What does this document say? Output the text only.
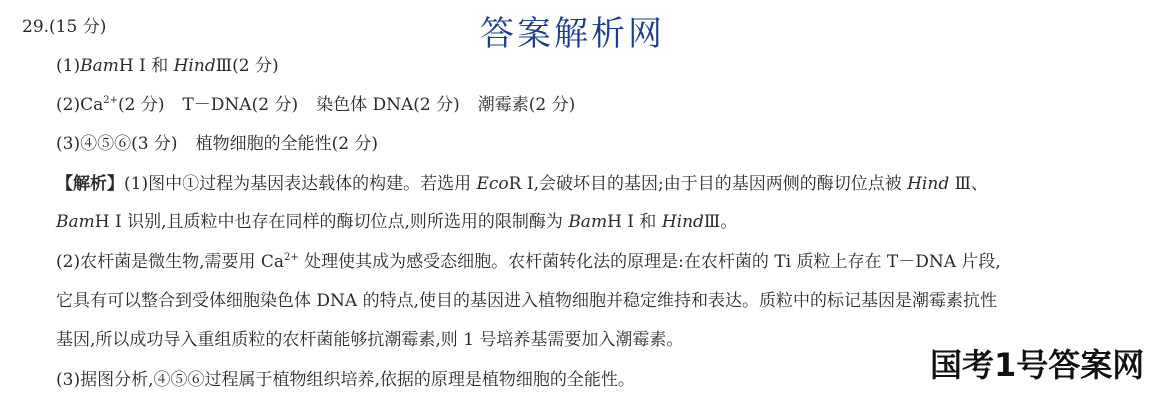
29.(15 分)	答案解析网
(1)BamH Ⅰ 和 HindⅢ(2 分)
$(2)Ca^{2+}(2$ 分) T－DNA(2 分) 染色体 DNA(2 分) 潮霉素(2 分)
(3)④⑤⑥(3 分) 植物细胞的全能性(2 分)
【解析】(1)图中①过程为基因表达载体的构建。若选用 EcoR Ⅰ,会破坏目的基因;由于目的基因两侧的酶切位点被 Hind Ⅲ、
BamH Ⅰ 识别,且质粒中也存在同样的酶切位点,则所选用的限制酶为 BamH Ⅰ 和 HindⅢ。
(2)农杆菌是微生物,需要用 $Ca^{2+}$ 处理使其成为感受态细胞。农杆菌转化法的原理是:在农杆菌的 Ti 质粒上存在 T－DNA 片段,
它具有可以整合到受体细胞染色体 DNA 的特点,使目的基因进入植物细胞并稳定维持和表达。质粒中的标记基因是潮霉素抗性
基因,所以成功导入重组质粒的农杆菌能够抗潮霉素,则 1 号培养基需要加入潮霉素。
(3)据图分析,④⑤⑥过程属于植物组织培养,依据的原理是植物细胞的全能性。	国考1号答案网
